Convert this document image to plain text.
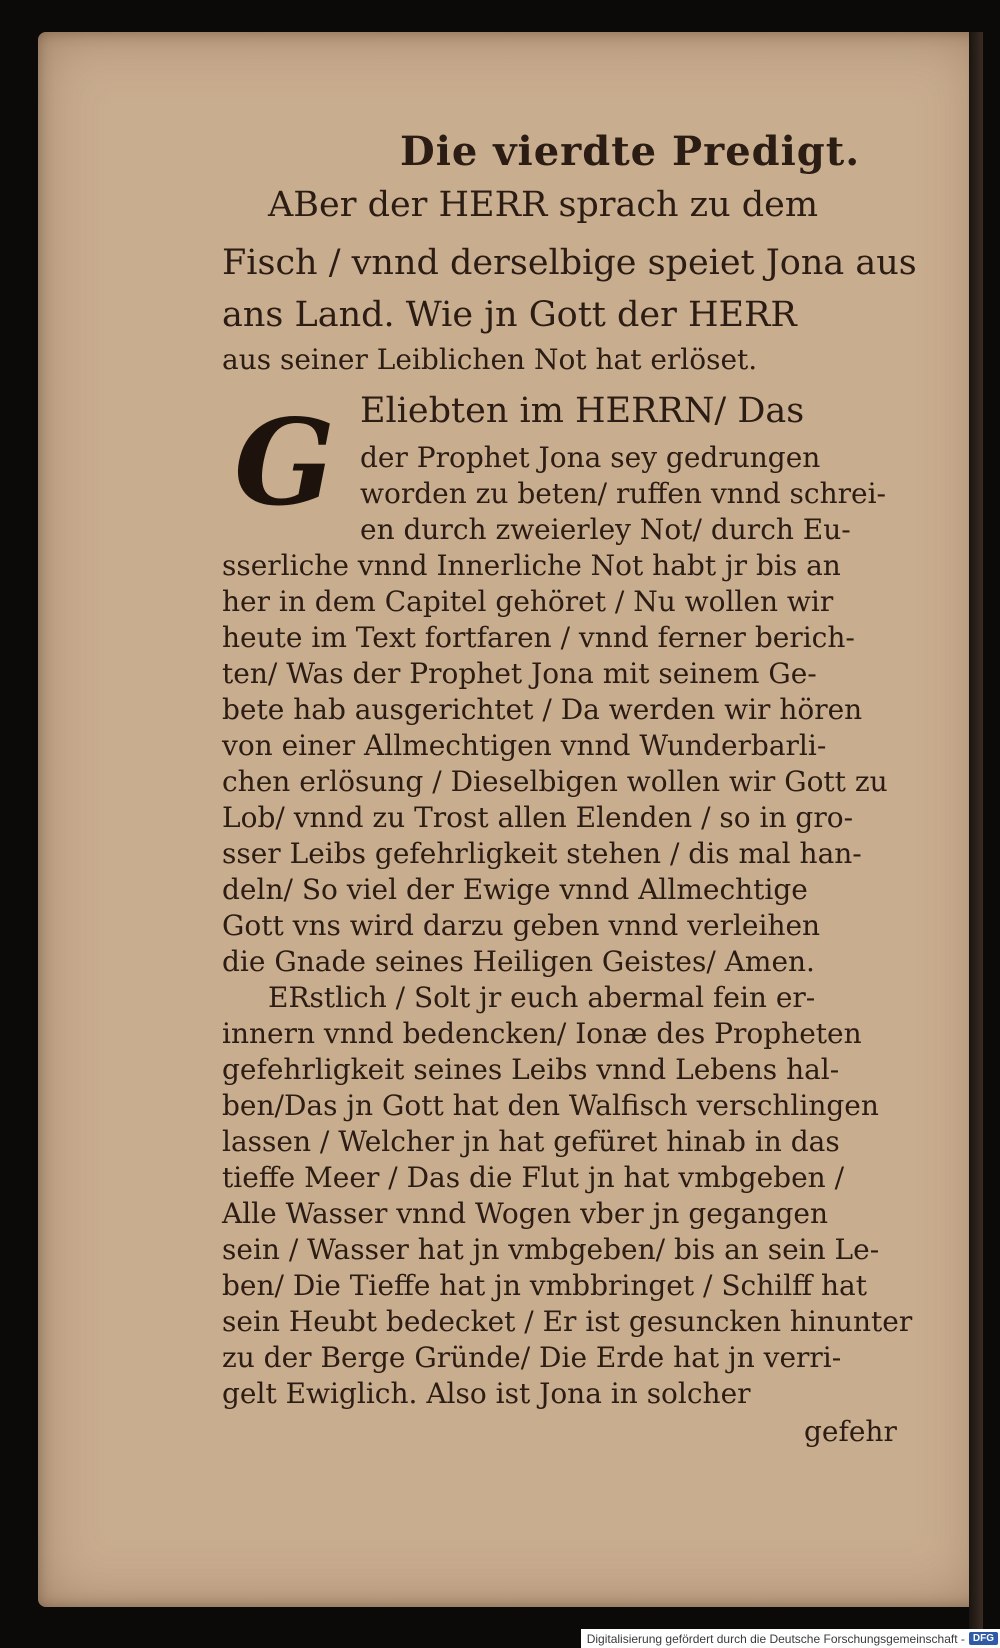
Die vierdte Predigt.
ABer der HERR sprach zu dem
Fisch / vnnd derselbige speiet Jona aus
ans Land. Wie jn Gott der HERR
aus seiner Leiblichen Not hat erlöset.
G Eliebten im HERRN/ Das
der Prophet Jona sey gedrungen
worden zu beten/ ruffen vnnd schrei-
en durch zweierley Not/ durch Eu-
sserliche vnnd Innerliche Not habt jr bis an
her in dem Capitel gehöret / Nu wollen wir
heute im Text fortfaren / vnnd ferner berich-
ten/ Was der Prophet Jona mit seinem Ge-
bete hab ausgerichtet / Da werden wir hören
von einer Allmechtigen vnnd Wunderbarli-
chen erlösung / Dieselbigen wollen wir Gott zu
Lob/ vnnd zu Trost allen Elenden / so in gro-
sser Leibs gefehrligkeit stehen / dis mal han-
deln/ So viel der Ewige vnnd Allmechtige
Gott vns wird darzu geben vnnd verleihen
die Gnade seines Heiligen Geistes/ Amen.
ERstlich / Solt jr euch abermal fein er-
innern vnnd bedencken/ Ionæ des Propheten
gefehrligkeit seines Leibs vnnd Lebens hal-
ben/Das jn Gott hat den Walfisch verschlingen
lassen / Welcher jn hat gefüret hinab in das
tieffe Meer / Das die Flut jn hat vmbgeben /
Alle Wasser vnnd Wogen vber jn gegangen
sein / Wasser hat jn vmbgeben/ bis an sein Le-
ben/ Die Tieffe hat jn vmbbringet / Schilff hat
sein Heubt bedecket / Er ist gesuncken hinunter
zu der Berge Gründe/ Die Erde hat jn verri-
gelt Ewiglich. Also ist Jona in solcher
gefehr
Digitalisierung gefördert durch die Deutsche Forschungsgemeinschaft - DFG
